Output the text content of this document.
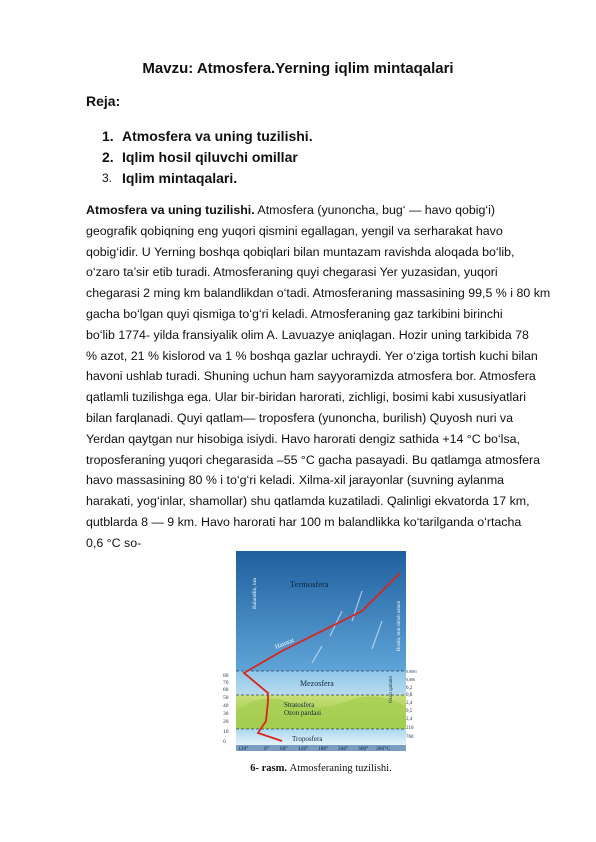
Mavzu: Atmosfera.Yerning iqlim mintaqalari

Reja:

1. Atmosfera va uning tuzilishi.
2. Iqlim hosil qiluvchi omillar
3. Iqlim mintaqalari.
Atmosfera va uning tuzilishi. Atmosfera (yunoncha, bug‘ — havo qobig‘i)
geografik qobiqning eng yuqori qismini egallagan, yengil va serharakat havo
qobig‘idir. U Yerning boshqa qobiqlari bilan muntazam ravishda aloqada bo‘lib,
o‘zaro ta’sir etib turadi. Atmosferaning quyi chegarasi Yer yuzasidan, yuqori
chegarasi 2 ming km balandlikdan o‘tadi. Atmosferaning massasining 99,5 % i 80 km
gacha bo‘lgan quyi qismiga to‘g‘ri keladi. Atmosferaning gaz tarkibini birinchi
bo‘lib 1774- yilda fransiyalik olim A. Lavuazye aniqlagan. Hozir uning tarkibida 78
% azot, 21 % kislorod va 1 % boshqa gazlar uchraydi. Yer o‘ziga tortish kuchi bilan
havoni ushlab turadi. Shuning uchun ham sayyoramizda atmosfera bor. Atmosfera
qatlamli tuzilishga ega. Ular bir-biridan harorati, zichligi, bosimi kabi xususiyatlari
bilan farqlanadi. Quyi qatlam— troposfera (yunoncha, burilish) Quyosh nuri va
Yerdan qaytgan nur hisobiga isiydi. Havo harorati dengiz sathida +14 °C bo‘lsa,
troposferaning yuqori chegarasida –55 °C gacha pasayadi. Bu qatlamga atmosfera
havo massasining 80 % i to‘g‘ri keladi. Xilma-xil jarayonlar (suvning aylanma
harakati, yog‘inlar, shamollar) shu qatlamda kuzatiladi. Qalinligi ekvatorda 17 km,
qutblarda 8 — 9 km. Havo harorati har 100 m balandlikka ko‘tarilganda o‘rtacha
0,6 °C so-
800
700
600
500
400
300
250
200
190
160
140
120
100
90
80
70
60
50
40
30
20
10
0
Balandlik, km	Termosfera
Harorat
Mezosfera
Stratosfera
Ozon pardasi
Troposfera
Ozon qatlami
Bosim, mm simob ustuni
0,0001
0,006
0,2
0,8
2,4
9,5
2,4
210
760
120°	0° 60° 120° 180° 240° 300° 360°C

6- rasm. Atmosferaning tuzilishi.
